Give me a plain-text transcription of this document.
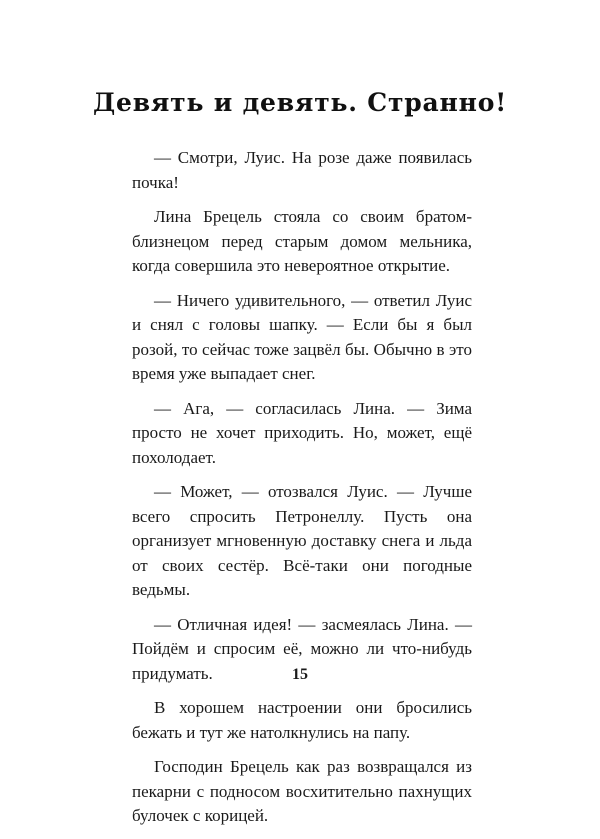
Девять и девять. Странно!

— Смотри, Луис. На розе даже появилась почка!

Лина Брецель стояла со своим братом-близнецом перед старым домом мельника, когда совершила это невероятное открытие.

— Ничего удивительного, — ответил Луис и снял с головы шапку. — Если бы я был розой, то сейчас тоже зацвёл бы. Обычно в это время уже выпадает снег.

— Ага, — согласилась Лина. — Зима просто не хочет приходить. Но, может, ещё похолодает.

— Может, — отозвался Луис. — Лучше всего спросить Петронеллу. Пусть она организует мгновенную доставку снега и льда от своих сестёр. Всё-таки они погодные ведьмы.

— Отличная идея! — засмеялась Лина. — Пойдём и спросим её, можно ли что-нибудь придумать.

В хорошем настроении они бросились бежать и тут же натолкнулись на папу.

Господин Брецель как раз возвращался из пекарни с подносом восхитительно пахнущих булочек с корицей.

15
